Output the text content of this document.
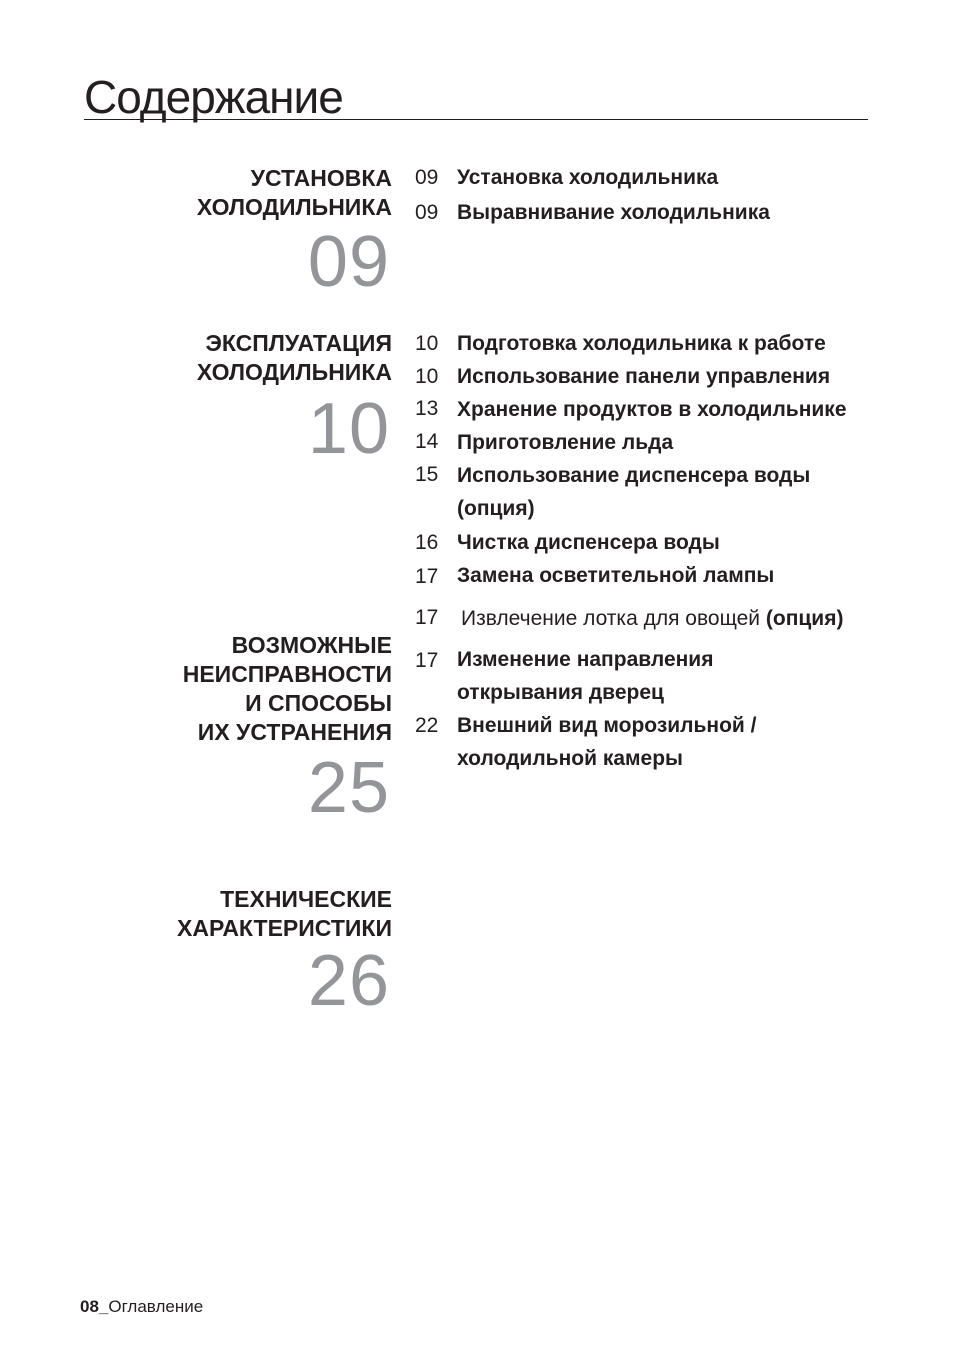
Содержание
УСТАНОВКА
ХОЛОДИЛЬНИКА
09
ЭКСПЛУАТАЦИЯ
ХОЛОДИЛЬНИКА
10
ВОЗМОЖНЫЕ
НЕИСПРАВНОСТИ
И СПОСОБЫ
ИХ УСТРАНЕНИЯ
25
ТЕХНИЧЕСКИЕ
ХАРАКТЕРИСТИКИ
26
09 Установка холодильника
09 Выравнивание холодильника
10 Подготовка холодильника к работе
10 Использование панели управления
13 Хранение продуктов в холодильнике
14 Приготовление льда
15 Использование диспенсера воды
(опция)
16 Чистка диспенсера воды
17 Замена осветительной лампы
17 Извлечение лотка для овощей (опция)
17 Изменение направления
открывания дверец
22 Внешний вид морозильной /
холодильной камеры
08_Оглавление
